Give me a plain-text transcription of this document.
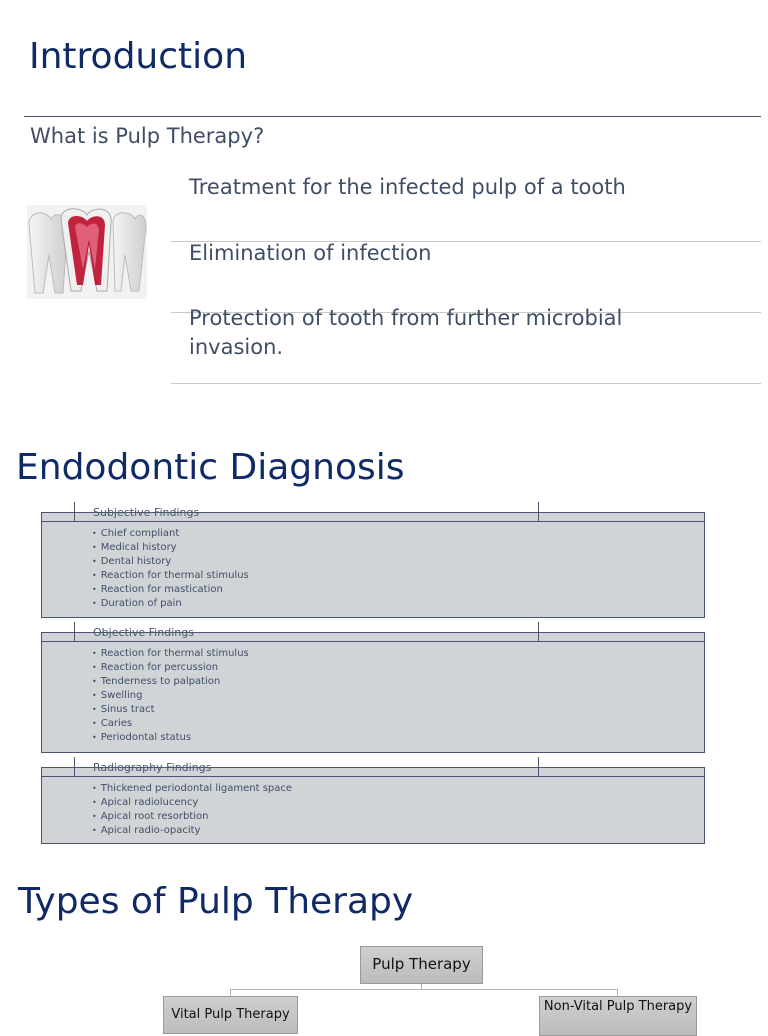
Introduction
What is Pulp Therapy?
Treatment for the infected pulp of a tooth
Elimination of infection
Protection of tooth from further microbial invasion.
Endodontic Diagnosis
Subjective Findings
• Chief compliant
• Medical history
• Dental history
• Reaction for thermal stimulus
• Reaction for mastication
• Duration of pain
Objective Findings
• Reaction for thermal stimulus
• Reaction for percussion
• Tenderness to palpation
• Swelling
• Sinus tract
• Caries
• Periodontal status
Radiography Findings
• Thickened periodontal ligament space
• Apical radiolucency
• Apical root resorbtion
• Apical radio-opacity
Types of Pulp Therapy
Pulp Therapy
Vital Pulp Therapy
Non-Vital Pulp Therapy
